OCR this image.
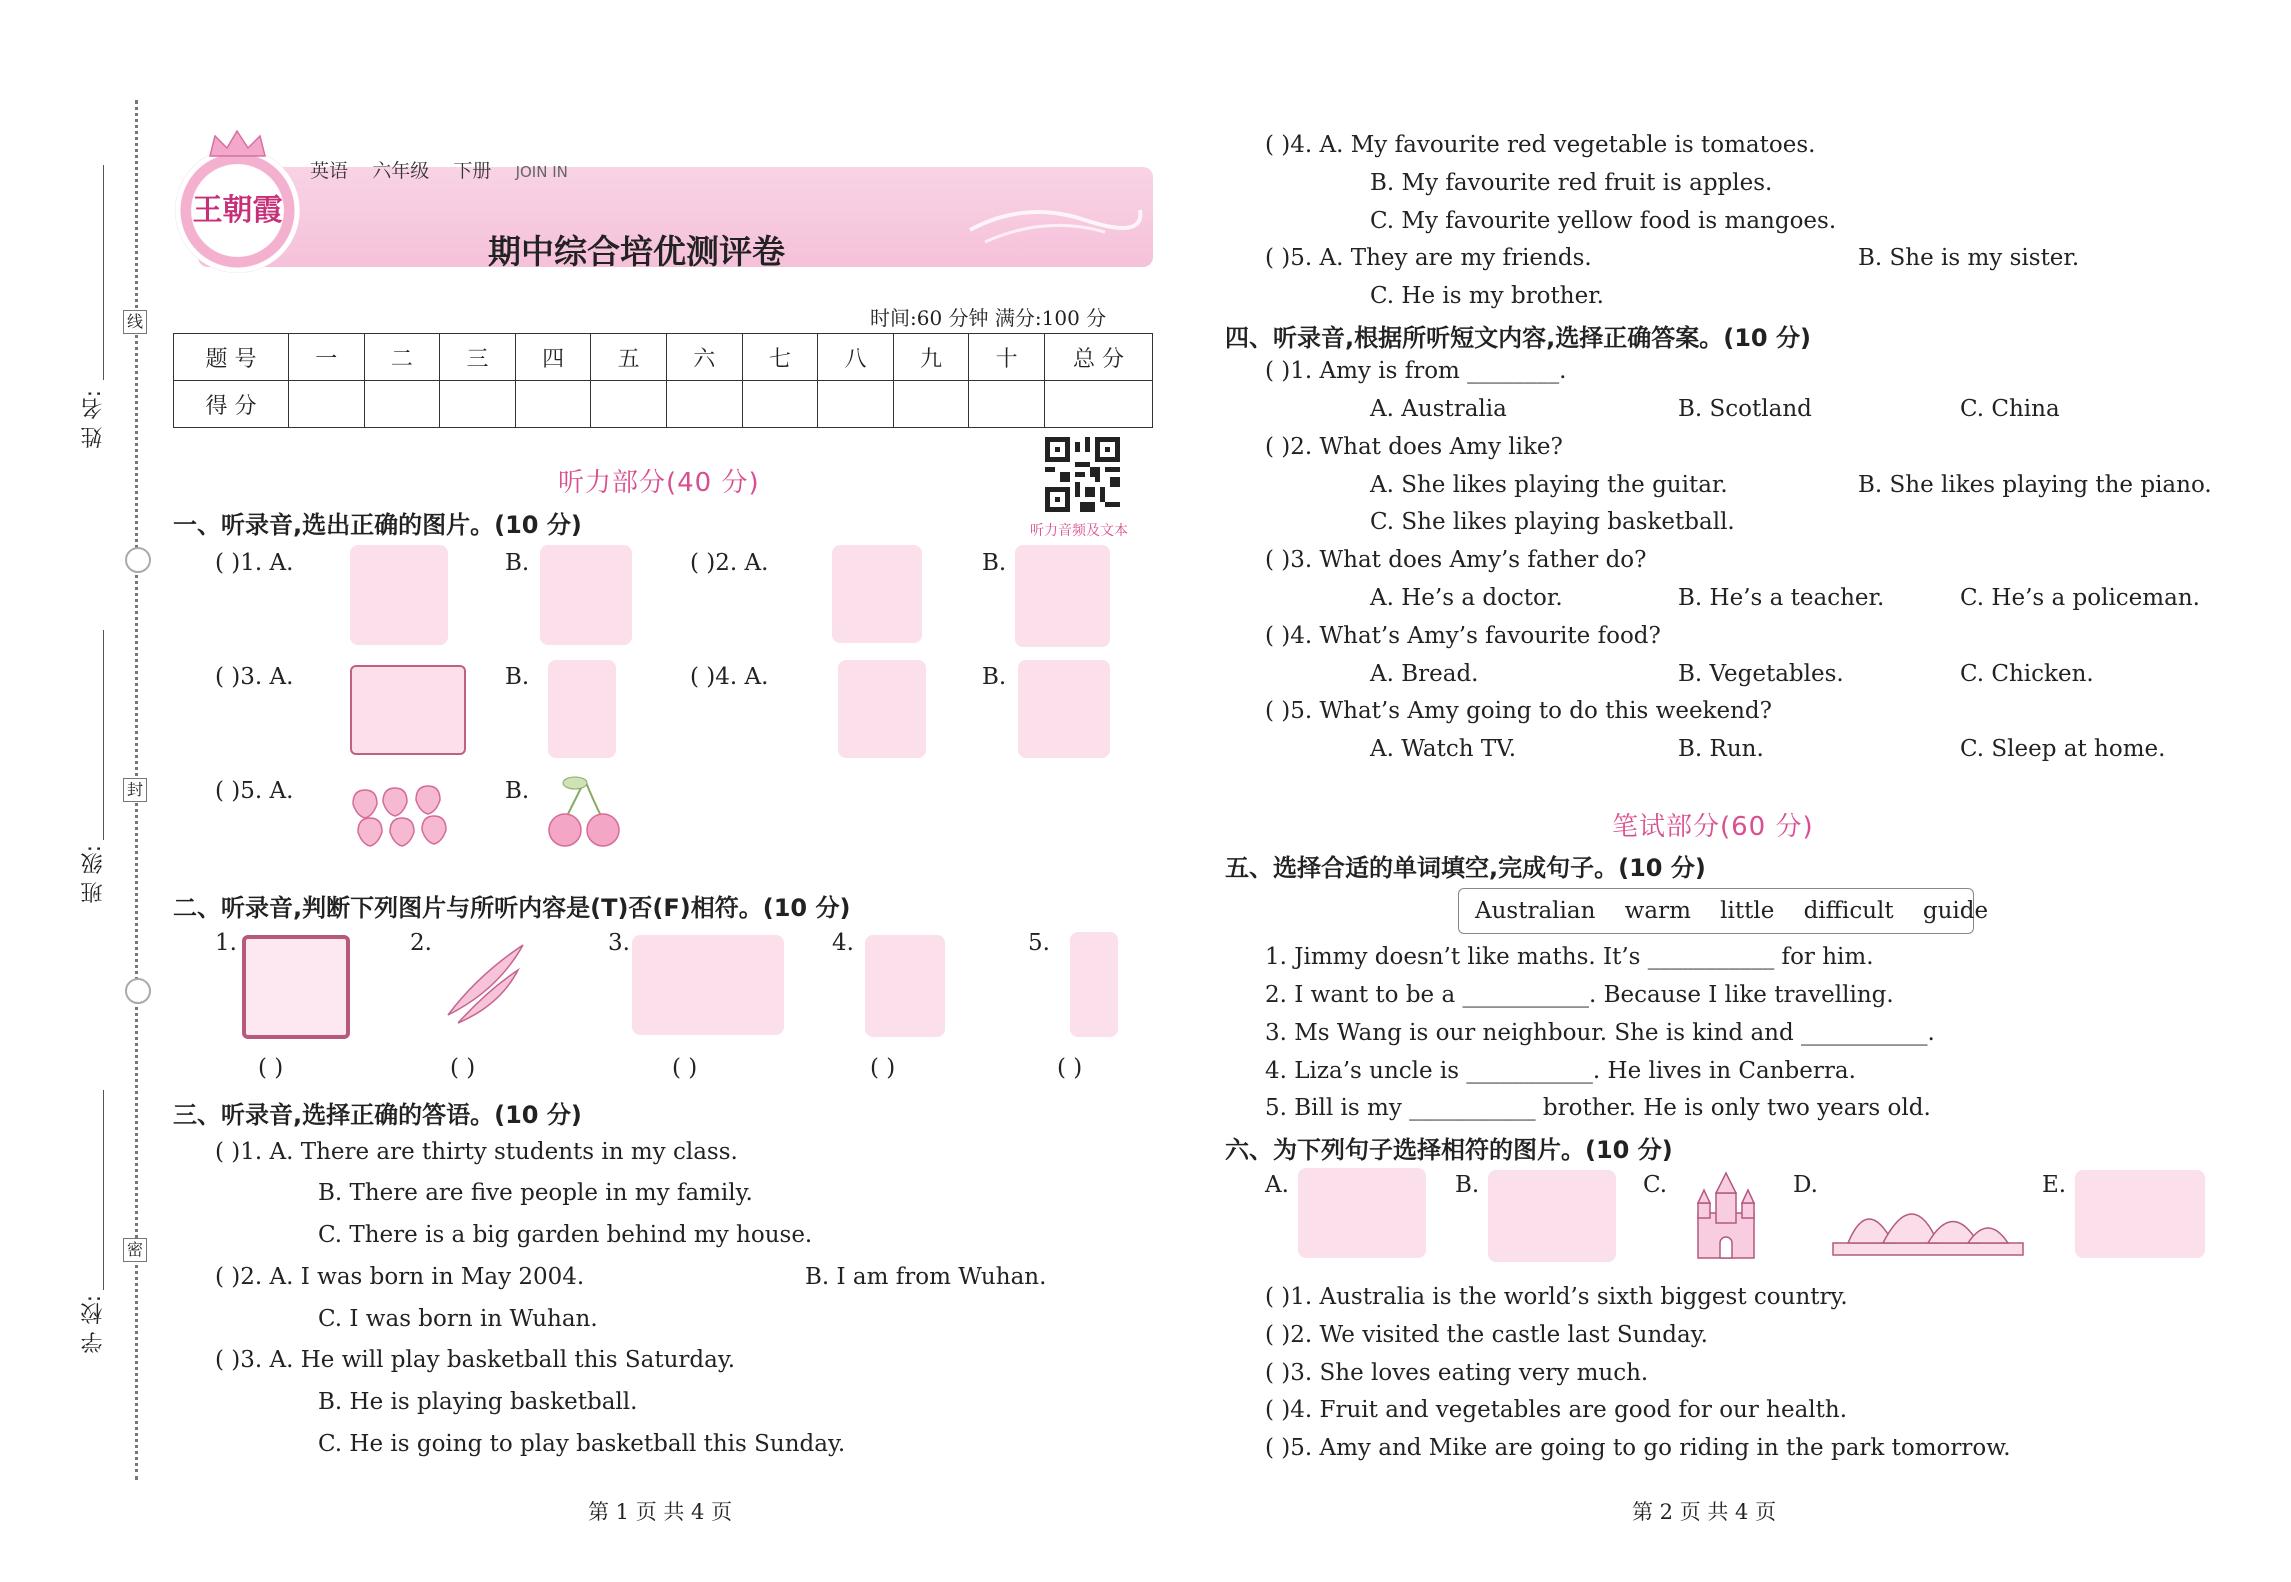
线
封
密
姓 名:
班 级:
学 校:
王朝霞
英语 六年级 下册 JOIN IN
期中综合培优测评卷
时间:60 分钟 满分:100 分
题 号	一	二	三	四	五	六	七	八	九	十	总 分
得 分											
听力音频及文本
听力部分(40 分)
一、听录音,选出正确的图片。(10 分)
( )1. A.	B.	( )2. A.	B.
( )3. A.	B.	( )4. A.	B.
( )5. A.	B.
二、听录音,判断下列图片与所听内容是(T)否(F)相符。(10 分)
1.	2.	3.	4.	5.
( )	( )	( )	( )	( )
三、听录音,选择正确的答语。(10 分)
( )1. A. There are thirty students in my class.
B. There are five people in my family.
C. There is a big garden behind my house.
( )2. A. I was born in May 2004.	B. I am from Wuhan.
C. I was born in Wuhan.
( )3. A. He will play basketball this Saturday.
B. He is playing basketball.
C. He is going to play basketball this Sunday.
( )4. A. My favourite red vegetable is tomatoes.
B. My favourite red fruit is apples.
C. My favourite yellow food is mangoes.
( )5. A. They are my friends.	B. She is my sister.
C. He is my brother.
四、听录音,根据所听短文内容,选择正确答案。(10 分)
( )1. Amy is from ________.
A. Australia	B. Scotland	C. China
( )2. What does Amy like?
A. She likes playing the guitar.	B. She likes playing the piano.
C. She likes playing basketball.
( )3. What does Amy’s father do?
A. He’s a doctor.	B. He’s a teacher.	C. He’s a policeman.
( )4. What’s Amy’s favourite food?
A. Bread.	B. Vegetables.	C. Chicken.
( )5. What’s Amy going to do this weekend?
A. Watch TV.	B. Run.	C. Sleep at home.
笔试部分(60 分)
五、选择合适的单词填空,完成句子。(10 分)
Australian warm little difficult guide
1. Jimmy doesn’t like maths. It’s ___________ for him.
2. I want to be a ___________. Because I like travelling.
3. Ms Wang is our neighbour. She is kind and ___________.
4. Liza’s uncle is ___________. He lives in Canberra.
5. Bill is my ___________ brother. He is only two years old.
六、为下列句子选择相符的图片。(10 分)
A.	B.	C.	D.	E.
( )1. Australia is the world’s sixth biggest country.
( )2. We visited the castle last Sunday.
( )3. She loves eating very much.
( )4. Fruit and vegetables are good for our health.
( )5. Amy and Mike are going to go riding in the park tomorrow.
第 1 页 共 4 页	第 2 页 共 4 页
